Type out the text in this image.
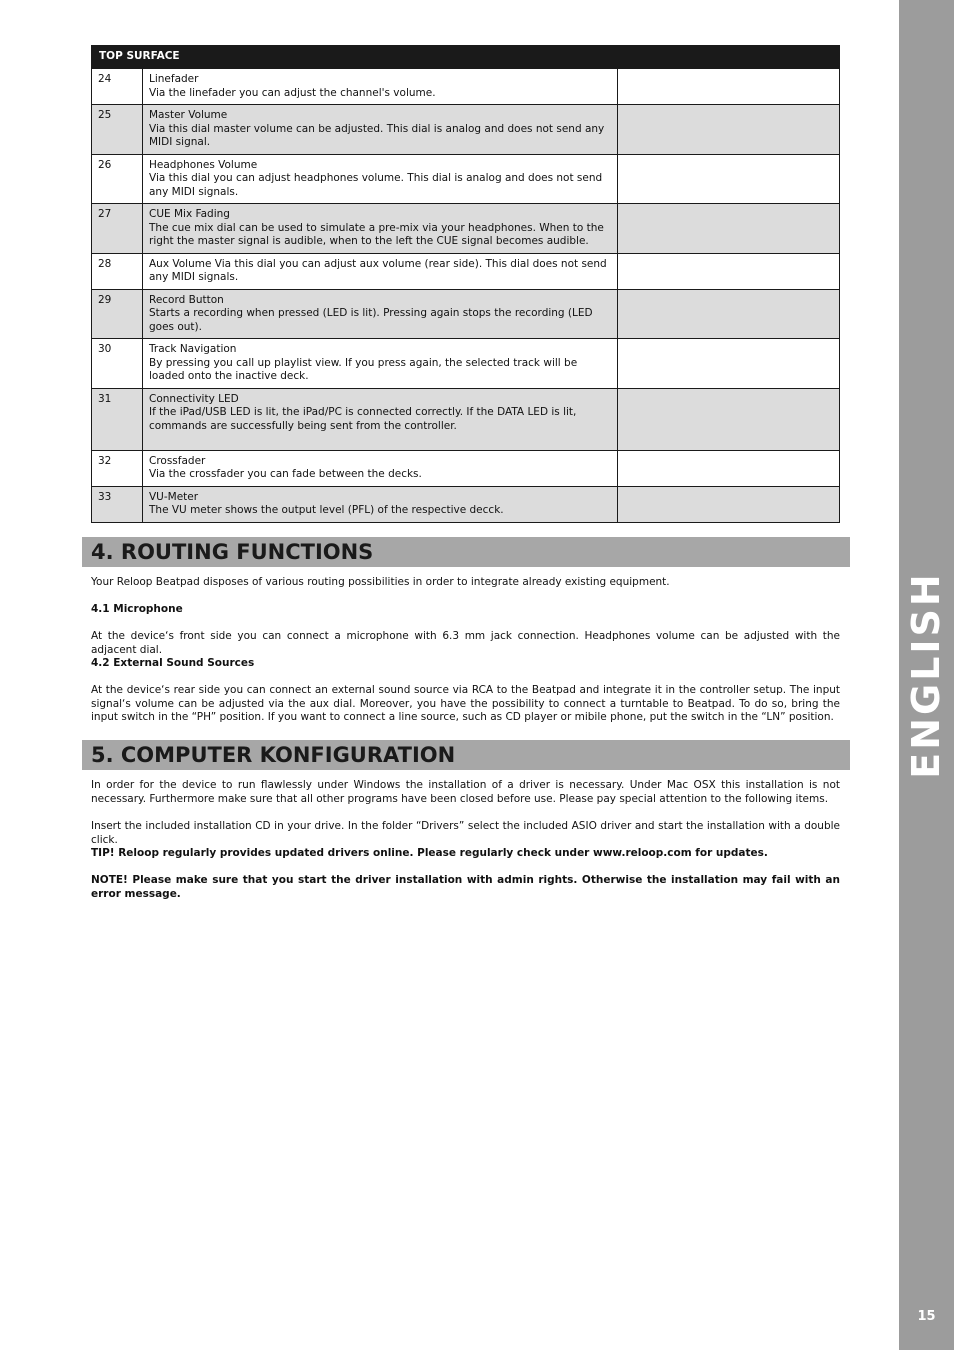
ENGLISH
15
TOP SURFACE		
24	Linefader
Via the linefader you can adjust the channel's volume.	

25	Master Volume
Via this dial master volume can be adjusted. This dial is analog and does not send any MIDI signal.	

26	Headphones Volume
Via this dial you can adjust headphones volume. This dial is analog and does not send any MIDI signals.	

27	CUE Mix Fading
The cue mix dial can be used to simulate a pre-mix via your headphones. When to the right the master signal is audible, when to the left the CUE signal becomes audible.	

28	Aux Volume Via this dial you can adjust aux volume (rear side). This dial does not send any MIDI signals.	

29	Record Button
Starts a recording when pressed (LED is lit). Pressing again stops the recording (LED goes out).	

30	Track Navigation
By pressing you call up playlist view. If you press again, the selected track will be loaded onto the inactive deck.	

31	Connectivity LED
If the iPad/USB LED is lit, the iPad/PC is connected correctly. If the DATA LED is lit, commands are successfully being sent from the controller.	

32	Crossfader
Via the crossfader you can fade between the decks.	

33	VU-Meter
The VU meter shows the output level (PFL) of the respective decck.	

4. ROUTING FUNCTIONS
Your Reloop Beatpad disposes of various routing possibilities in order to integrate already existing equipment.
4.1 Microphone
At the device‘s front side you can connect a microphone with 6.3 mm jack connection. Headphones volume can be adjusted with the adjacent dial.
4.2 External Sound Sources
At the device‘s rear side you can connect an external sound source via RCA to the Beatpad and integrate it in the controller setup. The input signal‘s volume can be adjusted via the aux dial. Moreover, you have the possibility to connect a turntable to Beatpad. To do so, bring the input switch in the “PH” position. If you want to connect a line source, such as CD player or mibile phone, put the switch in the “LN” position.
5. COMPUTER KONFIGURATION
In order for the device to run flawlessly under Windows the installation of a driver is necessary. Under Mac OSX this installation is not necessary. Furthermore make sure that all other programs have been closed before use. Please pay special attention to the following items.
Insert the included installation CD in your drive. In the folder “Drivers” select the included ASIO driver and start the installation with a double click.
TIP! Reloop regularly provides updated drivers online. Please regularly check under www.reloop.com for updates.
NOTE! Please make sure that you start the driver installation with admin rights. Otherwise the installation may fail with an error message.
